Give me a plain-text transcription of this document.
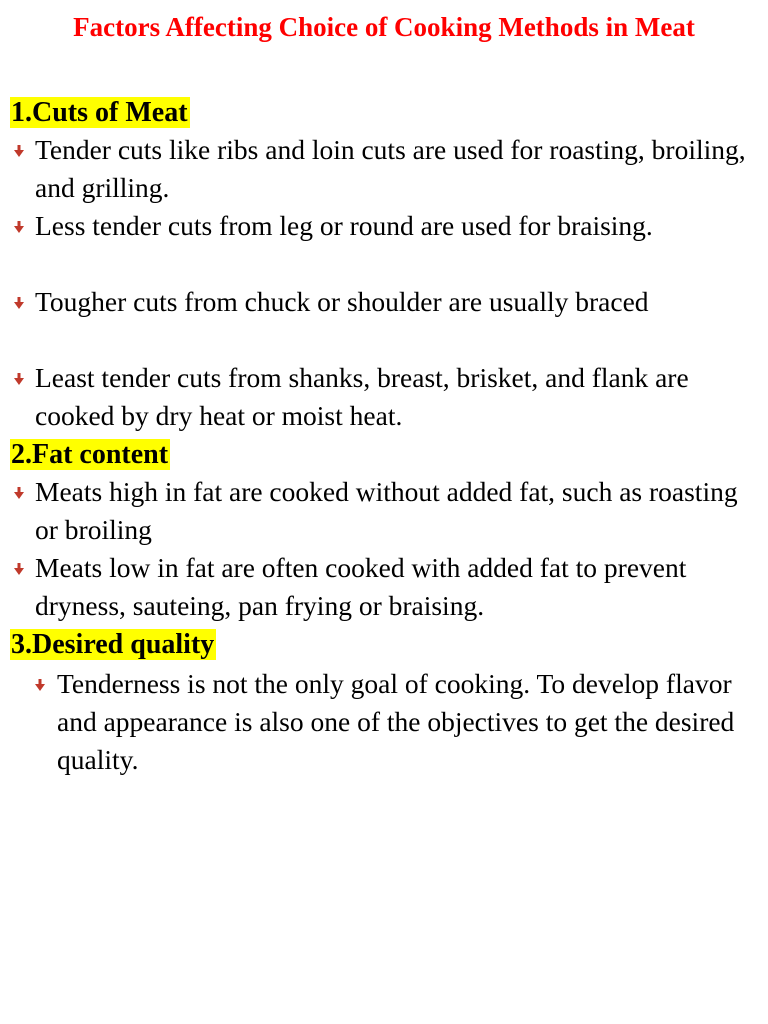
Factors Affecting Choice of Cooking Methods in Meat
1.Cuts of Meat
Tender cuts like ribs and loin cuts are used for roasting, broiling, and grilling.
Less tender cuts from leg or round are used for braising.
Tougher cuts from chuck or shoulder are usually braced
Least tender cuts from shanks, breast, brisket, and flank are cooked by dry heat or moist heat.
2.Fat content
Meats high in fat are cooked without added fat, such as roasting or broiling
Meats low in fat are often cooked with added fat to prevent dryness, sauteing, pan frying or braising.
3.Desired quality
Tenderness is not the only goal of cooking. To develop flavor and appearance is also one of the objectives to get the desired quality.
